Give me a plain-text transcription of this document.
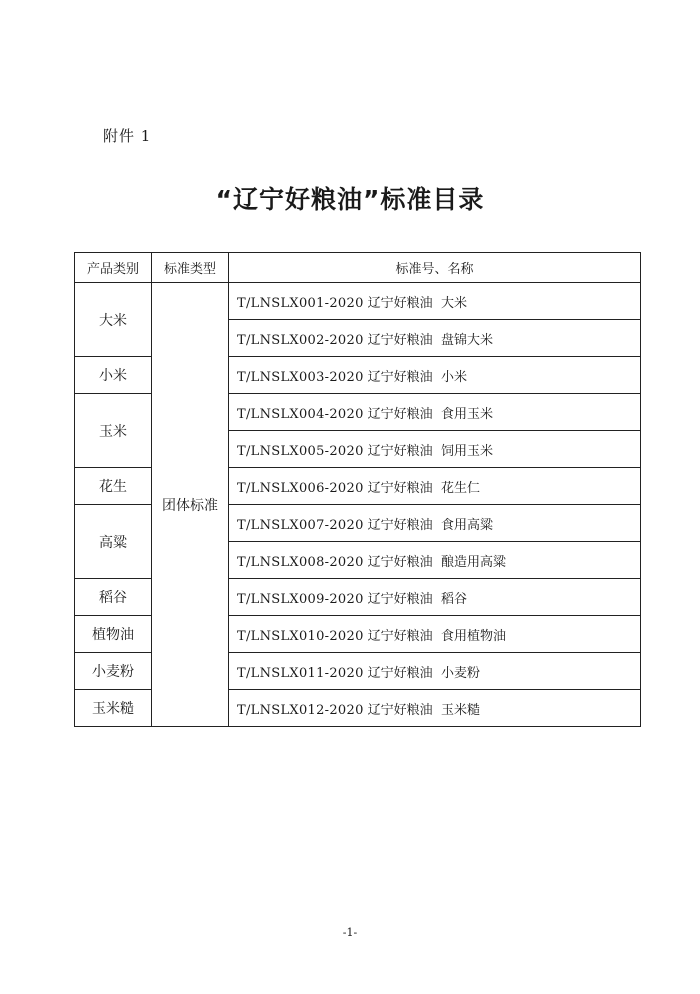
附件 1
“辽宁好粮油”标准目录
产品类别	标准类型	标准号、名称
大米	团体标准	T/LNSLX001-2020 辽宁好粮油 大米
		T/LNSLX002-2020 辽宁好粮油 盘锦大米
小米		T/LNSLX003-2020 辽宁好粮油 小米
玉米		T/LNSLX004-2020 辽宁好粮油 食用玉米
		T/LNSLX005-2020 辽宁好粮油 饲用玉米
花生		T/LNSLX006-2020 辽宁好粮油 花生仁
高粱		T/LNSLX007-2020 辽宁好粮油 食用高粱
		T/LNSLX008-2020 辽宁好粮油 酿造用高粱
稻谷		T/LNSLX009-2020 辽宁好粮油 稻谷
植物油		T/LNSLX010-2020 辽宁好粮油 食用植物油
小麦粉		T/LNSLX011-2020 辽宁好粮油 小麦粉
玉米糙		T/LNSLX012-2020 辽宁好粮油 玉米糙
-1-
